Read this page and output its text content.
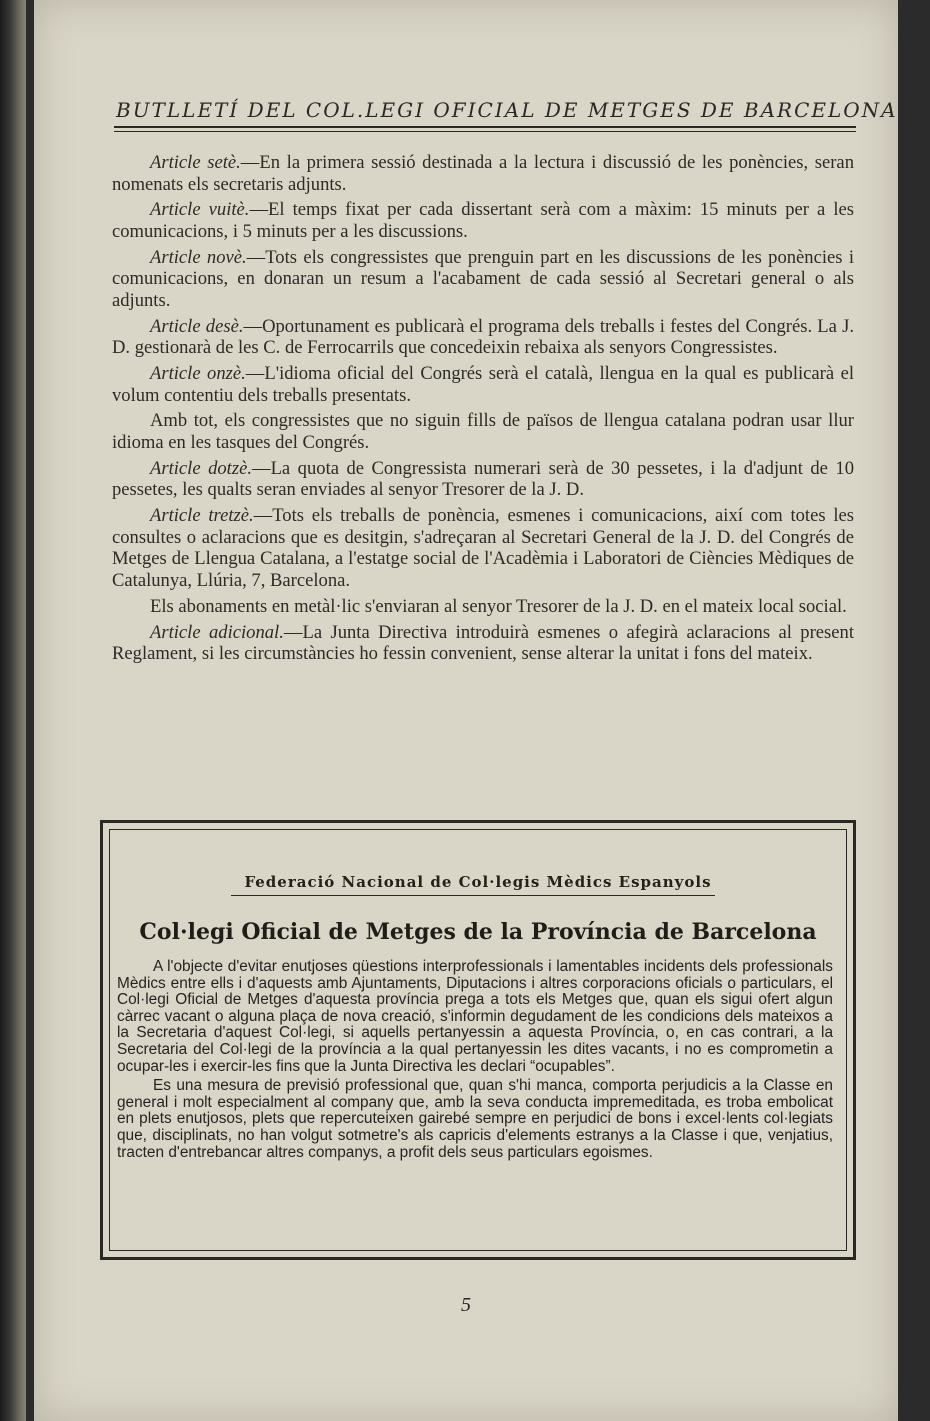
BUTLLETÍ DEL COL.LEGI OFICIAL DE METGES DE BARCELONA

Article setè.—En la primera sessió destinada a la lectura i discussió de les ponències, seran nomenats els secretaris adjunts.

Article vuitè.—El temps fixat per cada dissertant serà com a màxim: 15 minuts per a les comunicacions, i 5 minuts per a les discussions.

Article novè.—Tots els congressistes que prenguin part en les discussions de les ponències i comunicacions, en donaran un resum a l'acabament de cada sessió al Secretari general o als adjunts.

Article desè.—Oportunament es publicarà el programa dels treballs i festes del Congrés. La J. D. gestionarà de les C. de Ferrocarrils que concedeixin rebaixa als senyors Congressistes.

Article onzè.—L'idioma oficial del Congrés serà el català, llengua en la qual es publicarà el volum contentiu dels treballs presentats.

Amb tot, els congressistes que no siguin fills de països de llengua catalana podran usar llur idioma en les tasques del Congrés.

Article dotzè.—La quota de Congressista numerari serà de 30 pessetes, i la d'adjunt de 10 pessetes, les qualts seran enviades al senyor Tresorer de la J. D.

Article tretzè.—Tots els treballs de ponència, esmenes i comunicacions, així com totes les consultes o aclaracions que es desitgin, s'adreçaran al Secretari General de la J. D. del Congrés de Metges de Llengua Catalana, a l'estatge social de l'Acadèmia i Laboratori de Ciències Mèdiques de Catalunya, Llúria, 7, Barcelona.

Els abonaments en metàl·lic s'enviaran al senyor Tresorer de la J. D. en el mateix local social.

Article adicional.—La Junta Directiva introduirà esmenes o afegirà aclaracions al present Reglament, si les circumstàncies ho fessin convenient, sense alterar la unitat i fons del mateix.

Federació Nacional de Col·legis Mèdics Espanyols
Col·legi Oficial de Metges de la Província de Barcelona

A l'objecte d'evitar enutjoses qüestions interprofessionals i lamentables incidents dels professionals Mèdics entre ells i d'aquests amb Ajuntaments, Diputacions i altres corporacions oficials o particulars, el Col·legi Oficial de Metges d'aquesta província prega a tots els Metges que, quan els sigui ofert algun càrrec vacant o alguna plaça de nova creació, s'informin degudament de les condicions dels mateixos a la Secretaria d'aquest Col·legi, si aquells pertanyessin a aquesta Província, o, en cas contrari, a la Secretaria del Col·legi de la província a la qual pertanyessin les dites vacants, i no es comprometin a ocupar-les i exercir-les fins que la Junta Directiva les declari “ocupables”.

Es una mesura de previsió professional que, quan s'hi manca, comporta perjudicis a la Classe en general i molt especialment al company que, amb la seva conducta impremeditada, es troba embolicat en plets enutjosos, plets que repercuteixen gairebé sempre en perjudici de bons i excel·lents col·legiats que, disciplinats, no han volgut sotmetre's als capricis d'elements estranys a la Classe i que, venjatius, tracten d'entrebancar altres companys, a profit dels seus particulars egoismes.

5
